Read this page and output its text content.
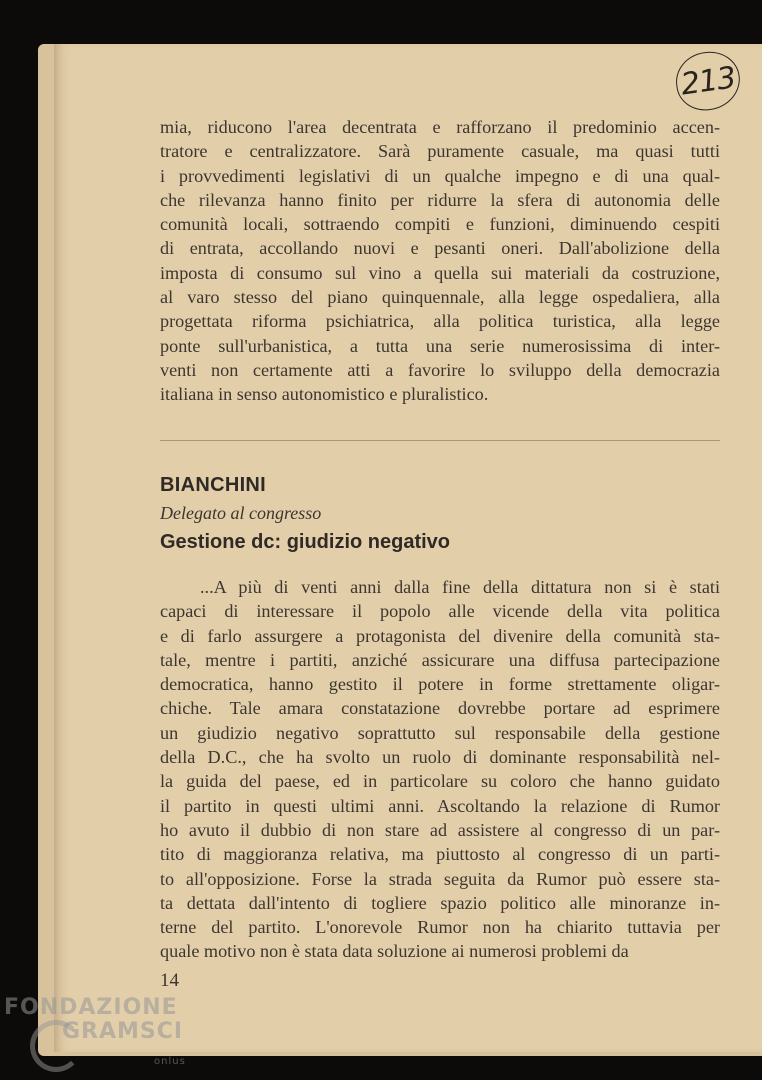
213
mia, riducono l'area decentrata e rafforzano il predominio accen-
tratore e centralizzatore. Sarà puramente casuale, ma quasi tutti
i provvedimenti legislativi di un qualche impegno e di una qual-
che rilevanza hanno finito per ridurre la sfera di autonomia delle
comunità locali, sottraendo compiti e funzioni, diminuendo cespiti
di entrata, accollando nuovi e pesanti oneri. Dall'abolizione della
imposta di consumo sul vino a quella sui materiali da costruzione,
al varo stesso del piano quinquennale, alla legge ospedaliera, alla
progettata riforma psichiatrica, alla politica turistica, alla legge
ponte sull'urbanistica, a tutta una serie numerosissima di inter-
venti non certamente atti a favorire lo sviluppo della democrazia
italiana in senso autonomistico e pluralistico.
BIANCHINI
Delegato al congresso
Gestione dc: giudizio negativo
...A più di venti anni dalla fine della dittatura non si è stati
capaci di interessare il popolo alle vicende della vita politica
e di farlo assurgere a protagonista del divenire della comunità sta-
tale, mentre i partiti, anziché assicurare una diffusa partecipazione
democratica, hanno gestito il potere in forme strettamente oligar-
chiche. Tale amara constatazione dovrebbe portare ad esprimere
un giudizio negativo soprattutto sul responsabile della gestione
della D.C., che ha svolto un ruolo di dominante responsabilità nel-
la guida del paese, ed in particolare su coloro che hanno guidato
il partito in questi ultimi anni. Ascoltando la relazione di Rumor
ho avuto il dubbio di non stare ad assistere al congresso di un par-
tito di maggioranza relativa, ma piuttosto al congresso di un parti-
to all'opposizione. Forse la strada seguita da Rumor può essere sta-
ta dettata dall'intento di togliere spazio politico alle minoranze in-
terne del partito. L'onorevole Rumor non ha chiarito tuttavia per
quale motivo non è stata data soluzione ai numerosi problemi da
14
FONDAZIONE
GRAMSCI
onlus
